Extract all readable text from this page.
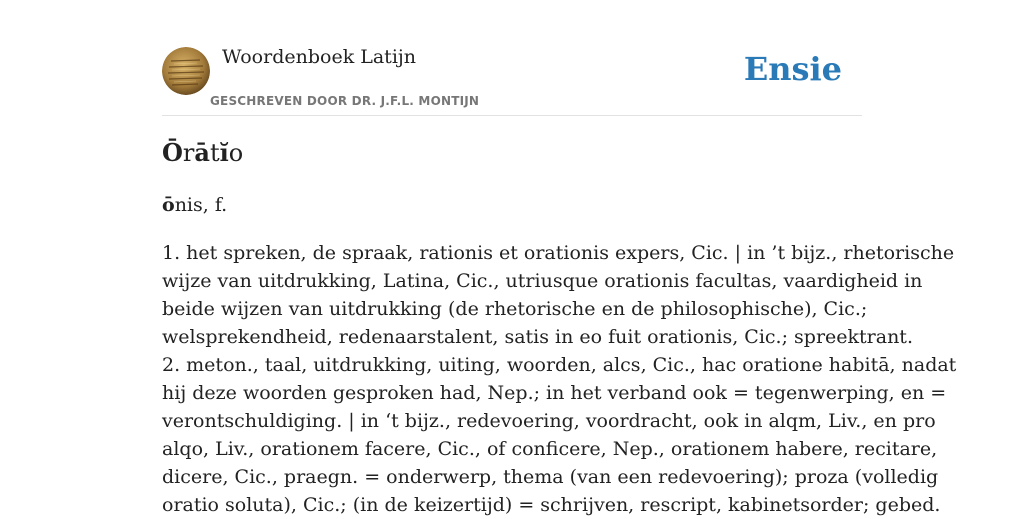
Woordenboek Latijn
GESCHREVEN DOOR DR. J.F.L. MONTIJN
Ensie
Ōrātĭo
ōnis, f.
1. het spreken, de spraak, rationis et orationis expers, Cic. | in ’t bijz., rhetorische
wijze van uitdrukking, Latina, Cic., utriusque orationis facultas, vaardigheid in
beide wijzen van uitdrukking (de rhetorische en de philosophische), Cic.;
welsprekendheid, redenaarstalent, satis in eo fuit orationis, Cic.; spreektrant.
2. meton., taal, uitdrukking, uiting, woorden, alcs, Cic., hac oratione habitā, nadat
hij deze woorden gesproken had, Nep.; in het verband ook = tegenwerping, en =
verontschuldiging. | in ‘t bijz., redevoering, voordracht, ook in alqm, Liv., en pro
alqo, Liv., orationem facere, Cic., of conficere, Nep., orationem habere, recitare,
dicere, Cic., praegn. = onderwerp, thema (van een redevoering); proza (volledig
oratio soluta), Cic.; (in de keizertijd) = schrijven, rescript, kabinetsorder; gebed.
